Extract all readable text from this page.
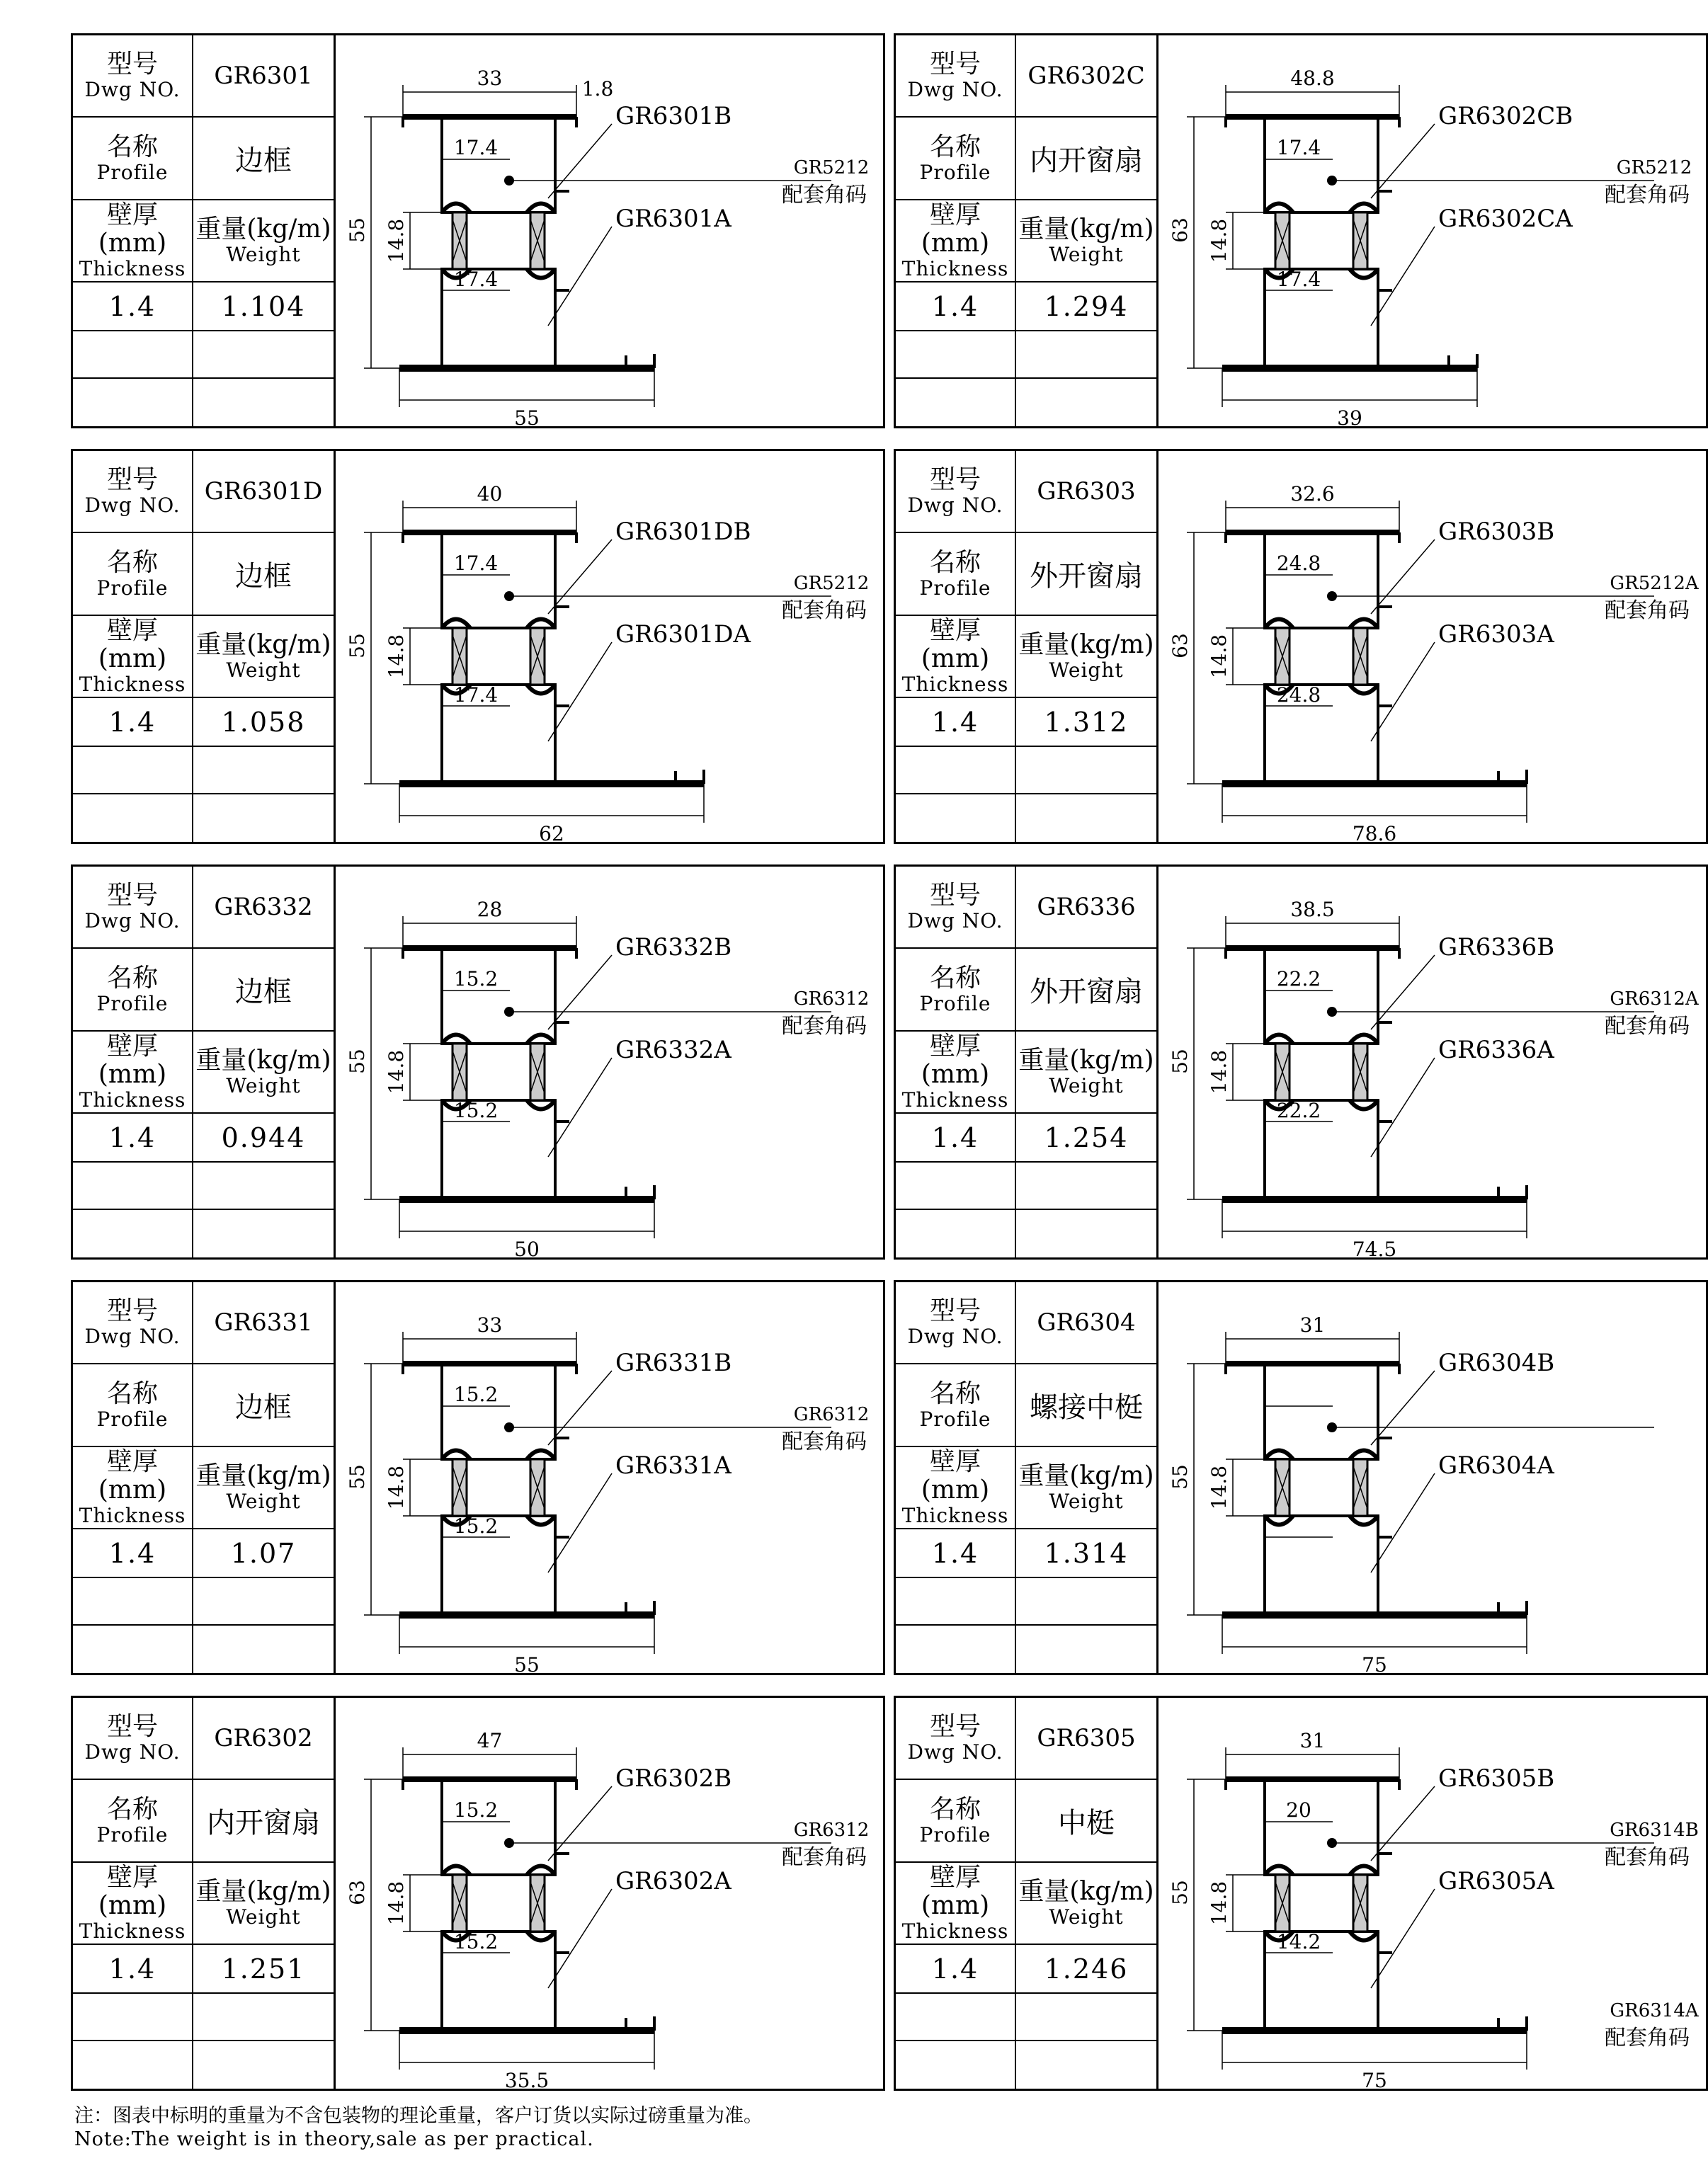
型号
Dwg NO. GR6301
名称
Profile 边框
壁厚(mm)
Thickness
重量(kg/m)
Weight
1.4 1.104
33	1.8
55
55 14.8
17.4
17.4
GR6301B
GR6301A
GR5212
配套角码
型号
Dwg NO. GR6302C
名称
Profile 内开窗扇
壁厚(mm)
Thickness
重量(kg/m)
Weight
1.4 1.294
48.8
39
63 14.8
17.4
17.4
GR6302CB
GR6302CA
GR5212
配套角码
型号
Dwg NO. GR6301D
名称
Profile 边框
壁厚(mm)
Thickness
重量(kg/m)
Weight
1.4 1.058
40
62
55 14.8
17.4
17.4
GR6301DB
GR6301DA
GR5212
配套角码
型号
Dwg NO. GR6303
名称
Profile 外开窗扇
壁厚(mm)
Thickness
重量(kg/m)
Weight
1.4 1.312
32.6
78.6
63 14.8
24.8
24.8
GR6303B
GR6303A
GR5212A
配套角码
型号
Dwg NO. GR6332
名称
Profile 边框
壁厚(mm)
Thickness
重量(kg/m)
Weight
1.4 0.944
28
50
55 14.8
15.2
15.2
GR6332B
GR6332A
GR6312
配套角码
型号
Dwg NO. GR6336
名称
Profile 外开窗扇
壁厚(mm)
Thickness
重量(kg/m)
Weight
1.4 1.254
38.5
74.5
55 14.8
22.2
22.2
GR6336B
GR6336A
GR6312A
配套角码
型号
Dwg NO. GR6331
名称
Profile 边框
壁厚(mm)
Thickness
重量(kg/m)
Weight
1.4	1.07
33
55
55 14.8
15.2
15.2
GR6331B
GR6331A
GR6312
配套角码
型号
Dwg NO. GR6304
名称
Profile 螺接中梃
壁厚(mm)
Thickness
重量(kg/m)
Weight
1.4 1.314
31
75
55 14.8
GR6304B
GR6304A
型号
Dwg NO. GR6302
名称
Profile 内开窗扇
壁厚(mm)
Thickness
重量(kg/m)
Weight
1.4 1.251
47
35.5
63 14.8
15.2
15.2
GR6302B
GR6302A
GR6312
配套角码
型号
Dwg NO. GR6305
名称
Profile 中梃
壁厚(mm)
Thickness
重量(kg/m)
Weight
1.4 1.246
31
75
55 14.8
20
14.2
GR6305B
GR6305A
GR6314B
配套角码
GR6314A
配套角码
注：图表中标明的重量为不含包装物的理论重量，客户订货以实际过磅重量为准。
Note:The weight is in theory,sale as per practical.
